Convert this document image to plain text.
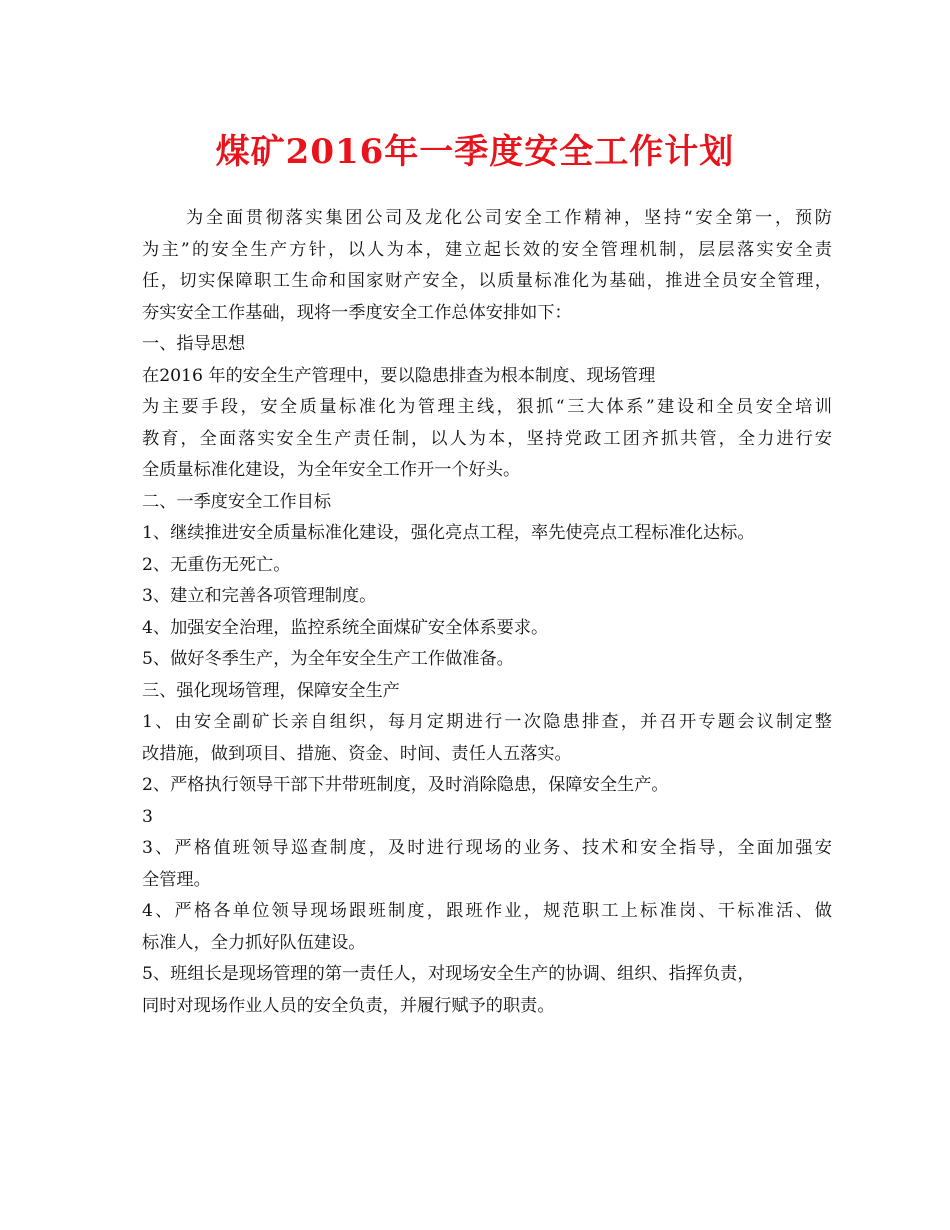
煤矿2016年一季度安全工作计划
为全面贯彻落实集团公司及龙化公司安全工作精神，坚持“安全第一，预防
为主”的安全生产方针，以人为本，建立起长效的安全管理机制，层层落实安全责
任，切实保障职工生命和国家财产安全，以质量标准化为基础，推进全员安全管理，
夯实安全工作基础，现将一季度安全工作总体安排如下：
一、指导思想
在2016 年的安全生产管理中，要以隐患排查为根本制度、现场管理
为主要手段，安全质量标准化为管理主线，狠抓“三大体系”建设和全员安全培训
教育，全面落实安全生产责任制，以人为本，坚持党政工团齐抓共管，全力进行安
全质量标准化建设，为全年安全工作开一个好头。
二、一季度安全工作目标
1、继续推进安全质量标准化建设，强化亮点工程，率先使亮点工程标准化达标。
2、无重伤无死亡。
3、建立和完善各项管理制度。
4、加强安全治理，监控系统全面煤矿安全体系要求。
5、做好冬季生产，为全年安全生产工作做准备。
三、强化现场管理，保障安全生产
1、由安全副矿长亲自组织，每月定期进行一次隐患排查，并召开专题会议制定整
改措施，做到项目、措施、资金、时间、责任人五落实。
2、严格执行领导干部下井带班制度，及时消除隐患，保障安全生产。
3
3、严格值班领导巡查制度，及时进行现场的业务、技术和安全指导，全面加强安
全管理。
4、严格各单位领导现场跟班制度，跟班作业，规范职工上标准岗、干标准活、做
标准人，全力抓好队伍建设。
5、班组长是现场管理的第一责任人，对现场安全生产的协调、组织、指挥负责，
同时对现场作业人员的安全负责，并履行赋予的职责。
